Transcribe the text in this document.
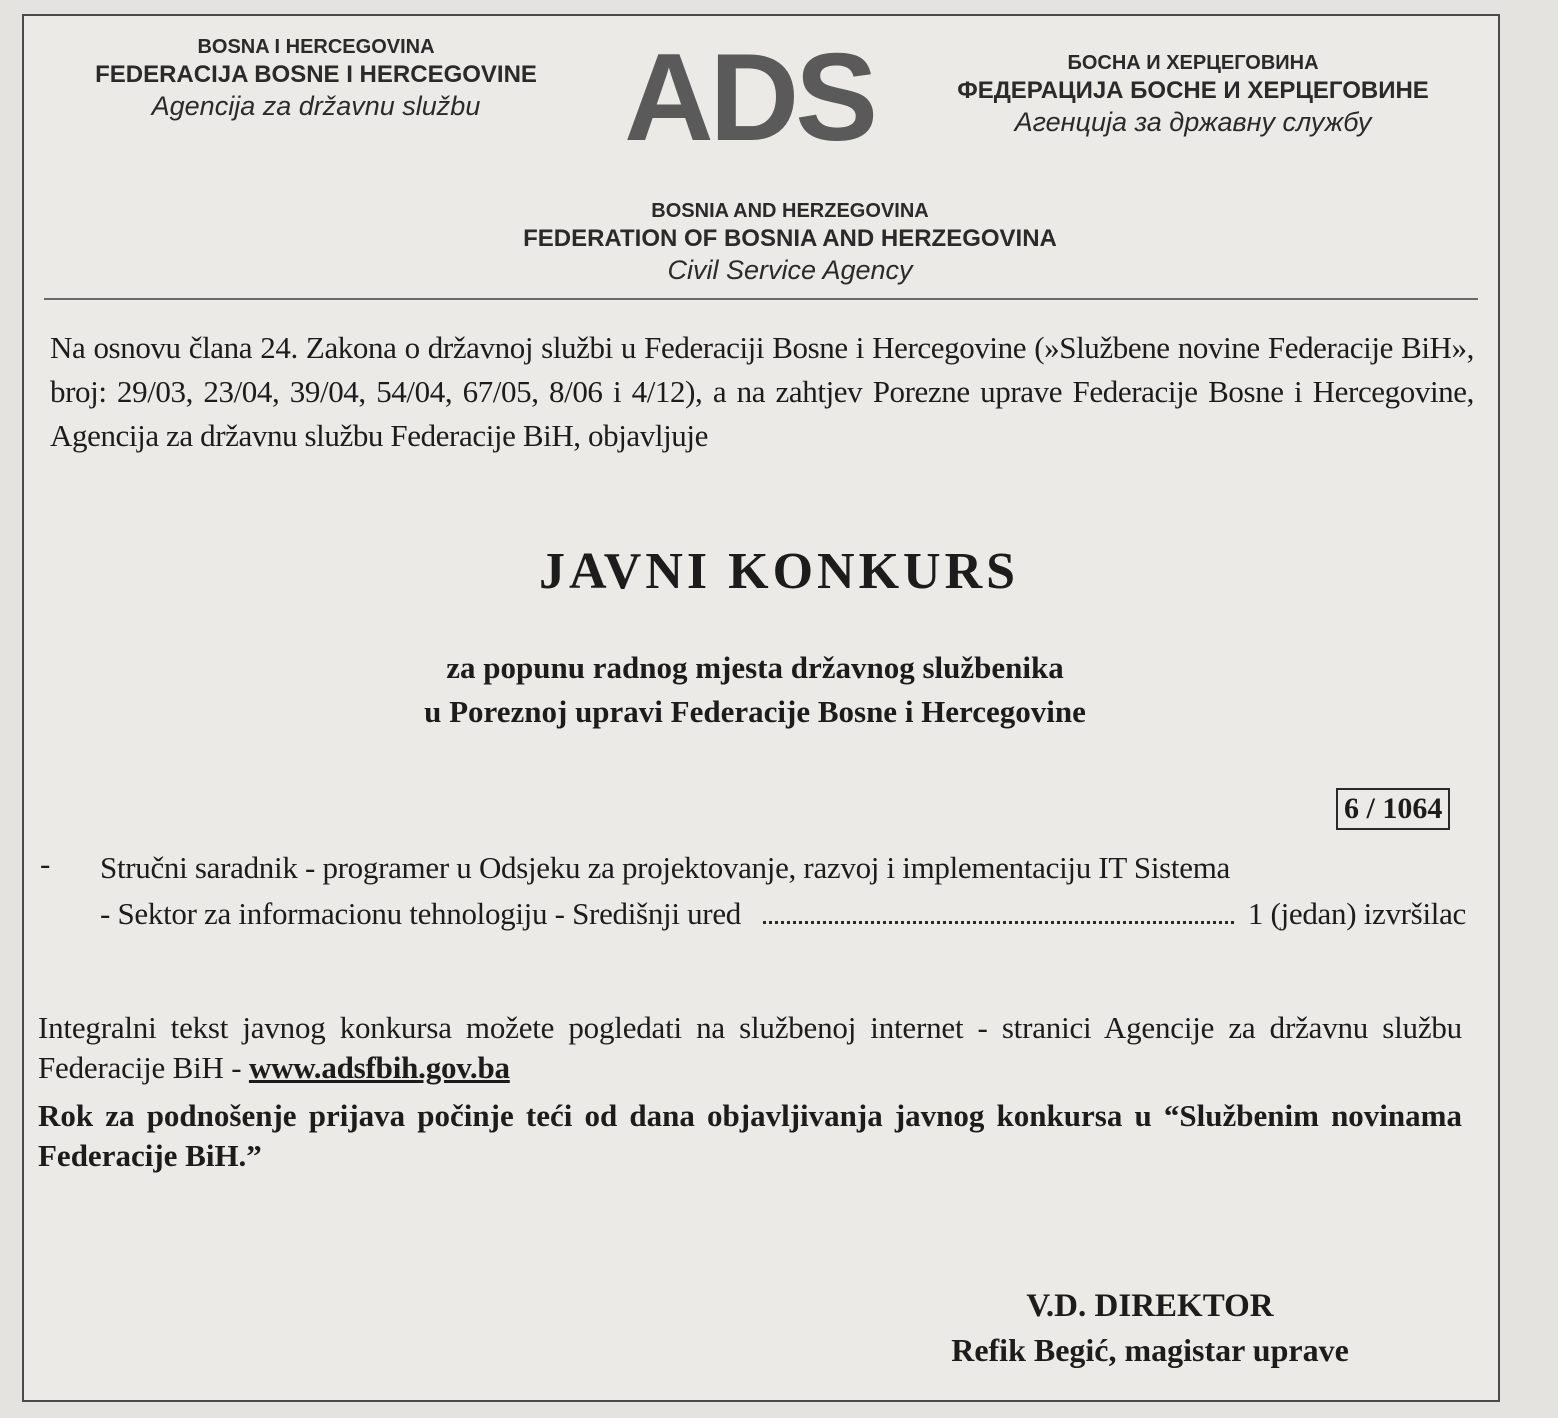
BOSNA I HERCEGOVINA
FEDERACIJA BOSNE I HERCEGOVINE
Agencija za državnu službu	ADS	БОСНА И ХЕРЦЕГОВИНА
ФЕДЕРАЦИЈА БОСНЕ И ХЕРЦЕГОВИНЕ
Агенција за државну службу
BOSNIA AND HERZEGOVINA
FEDERATION OF BOSNIA AND HERZEGOVINA
Civil Service Agency
Na osnovu člana 24. Zakona o državnoj službi u Federaciji Bosne i Hercegovine (»Službene novine Federacije BiH», broj: 29/03, 23/04, 39/04, 54/04, 67/05, 8/06 i 4/12), a na zahtjev Porezne uprave Federacije Bosne i Hercegovine, Agencija za državnu službu Federacije BiH, objavljuje
JAVNI KONKURS
za popunu radnog mjesta državnog službenika
u Poreznoj upravi Federacije Bosne i Hercegovine
6 / 1064
- Stručni saradnik - programer u Odsjeku za projektovanje, razvoj i implementaciju IT Sistema
- Sektor za informacionu tehnologiju - Središnji ured	1 (jedan) izvršilac
Integralni tekst javnog konkursa možete pogledati na službenoj internet - stranici Agencije za državnu službu Federacije BiH - www.adsfbih.gov.ba
Rok za podnošenje prijava počinje teći od dana objavljivanja javnog konkursa u “Službenim novinama Federacije BiH.”
V.D. DIREKTOR
Refik Begić, magistar uprave
